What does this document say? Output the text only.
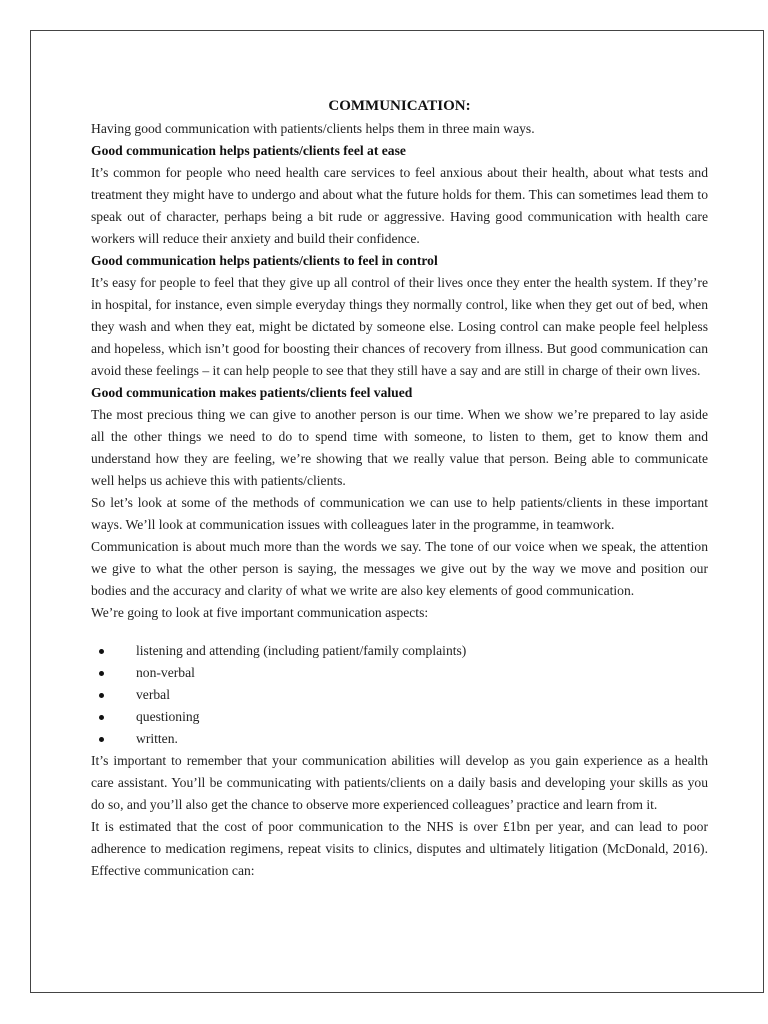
COMMUNICATION:

Having good communication with patients/clients helps them in three main ways.

Good communication helps patients/clients feel at ease

It’s common for people who need health care services to feel anxious about their health, about what tests and treatment they might have to undergo and about what the future holds for them. This can sometimes lead them to speak out of character, perhaps being a bit rude or aggressive. Having good communication with health care workers will reduce their anxiety and build their confidence.

Good communication helps patients/clients to feel in control

It’s easy for people to feel that they give up all control of their lives once they enter the health system. If they’re in hospital, for instance, even simple everyday things they normally control, like when they get out of bed, when they wash and when they eat, might be dictated by someone else. Losing control can make people feel helpless and hopeless, which isn’t good for boosting their chances of recovery from illness. But good communication can avoid these feelings – it can help people to see that they still have a say and are still in charge of their own lives.

Good communication makes patients/clients feel valued

The most precious thing we can give to another person is our time. When we show we’re prepared to lay aside all the other things we need to do to spend time with someone, to listen to them, get to know them and understand how they are feeling, we’re showing that we really value that person. Being able to communicate well helps us achieve this with patients/clients.

So let’s look at some of the methods of communication we can use to help patients/clients in these important ways. We’ll look at communication issues with colleagues later in the programme, in teamwork.

Communication is about much more than the words we say. The tone of our voice when we speak, the attention we give to what the other person is saying, the messages we give out by the way we move and position our bodies and the accuracy and clarity of what we write are also key elements of good communication.

We’re going to look at five important communication aspects:

listening and attending (including patient/family complaints)
non-verbal
verbal
questioning
written.

It’s important to remember that your communication abilities will develop as you gain experience as a health care assistant. You’ll be communicating with patients/clients on a daily basis and developing your skills as you do so, and you’ll also get the chance to observe more experienced colleagues’ practice and learn from it.

It is estimated that the cost of poor communication to the NHS is over £1bn per year, and can lead to poor adherence to medication regimens, repeat visits to clinics, disputes and ultimately litigation (McDonald, 2016). Effective communication can:
